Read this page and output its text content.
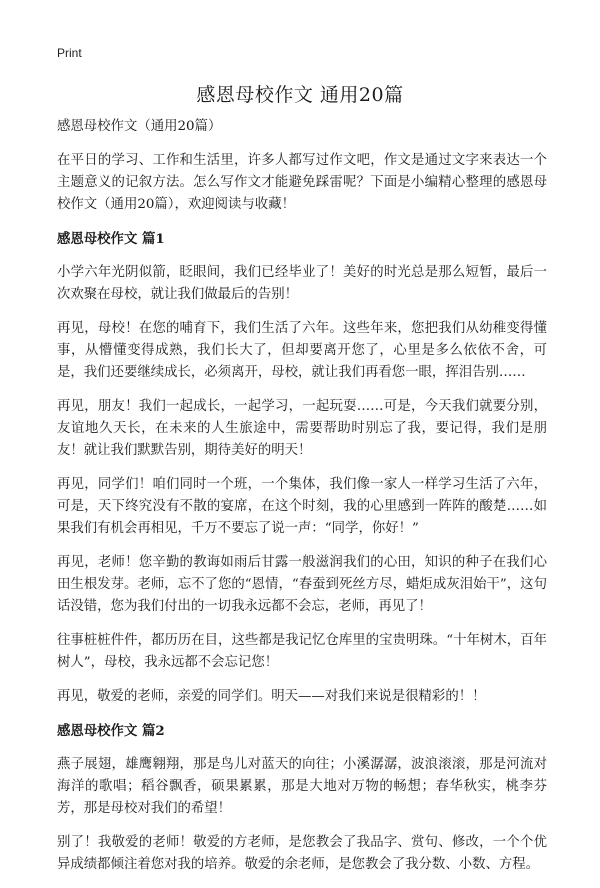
Print
感恩母校作文 通用20篇

感恩母校作文（通用20篇）

在平日的学习、工作和生活里，许多人都写过作文吧，作文是通过文字来表达一个主题意义的记叙方法。怎么写作文才能避免踩雷呢？下面是小编精心整理的感恩母校作文（通用20篇），欢迎阅读与收藏！

感恩母校作文 篇1

小学六年光阴似箭，眨眼间，我们已经毕业了！美好的时光总是那么短暂，最后一次欢聚在母校，就让我们做最后的告别！

再见，母校！在您的哺育下，我们生活了六年。这些年来，您把我们从幼稚变得懂事，从懵懂变得成熟，我们长大了，但却要离开您了，心里是多么依依不舍，可是，我们还要继续成长，必须离开，母校，就让我们再看您一眼，挥泪告别……

再见，朋友！我们一起成长，一起学习，一起玩耍……可是，今天我们就要分别，友谊地久天长，在未来的人生旅途中，需要帮助时别忘了我，要记得，我们是朋友！就让我们默默告别，期待美好的明天！

再见，同学们！咱们同时一个班，一个集体，我们像一家人一样学习生活了六年，可是，天下终究没有不散的宴席，在这个时刻，我的心里感到一阵阵的酸楚……如果我们有机会再相见，千万不要忘了说一声：“同学，你好！”

再见，老师！您辛勤的教诲如雨后甘露一般滋润我们的心田，知识的种子在我们心田生根发芽。老师，忘不了您的“恩情，“春蚕到死丝方尽，蜡炬成灰泪始干”，这句话没错，您为我们付出的一切我永远都不会忘，老师，再见了！

往事桩桩件件，都历历在目，这些都是我记忆仓库里的宝贵明珠。“十年树木，百年树人”，母校，我永远都不会忘记您！

再见，敬爱的老师，亲爱的同学们。明天——对我们来说是很精彩的！！

感恩母校作文 篇2

燕子展翅，雄鹰翱翔，那是鸟儿对蓝天的向往；小溪潺潺，波浪滚滚，那是河流对海洋的歌唱；稻谷飘香，硕果累累，那是大地对万物的畅想；春华秋实，桃李芬芳，那是母校对我们的希望！

别了！我敬爱的老师！敬爱的方老师，是您教会了我品字、赏句、修改，一个个优异成绩都倾注着您对我的培养。敬爱的余老师，是您教会了我分数、小数、方程。
